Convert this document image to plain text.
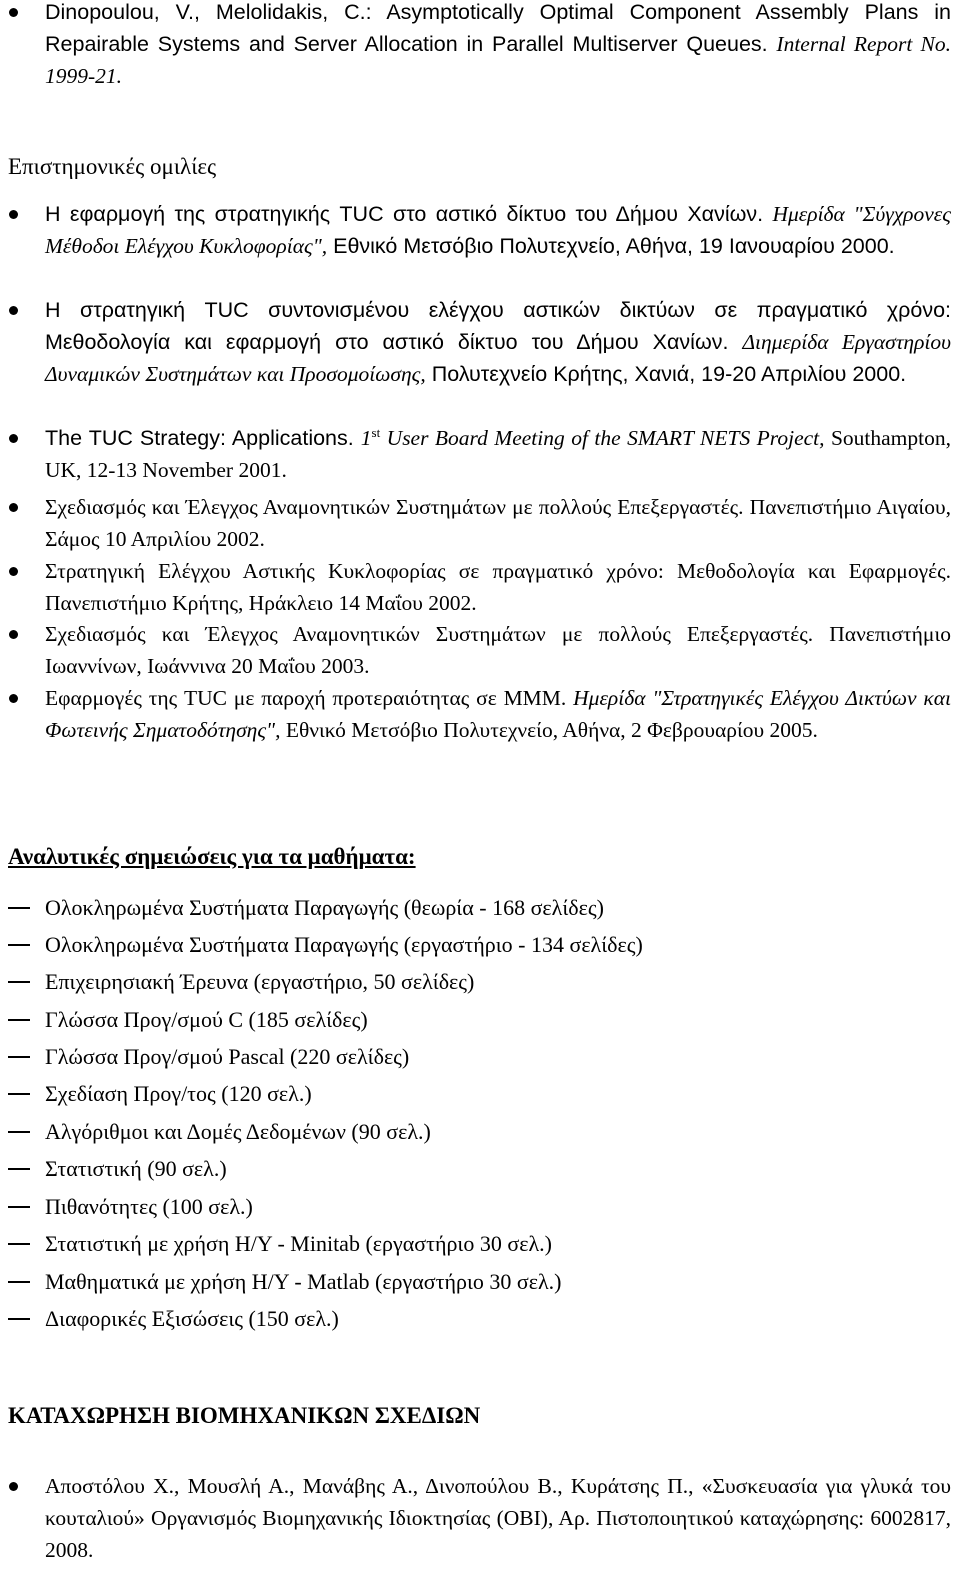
Dinopoulou, V., Melolidakis, C.: Asymptotically Optimal Component Assembly Plans in Repairable Systems and Server Allocation in Parallel Multiserver Queues. Internal Report No. 1999-21.
Επιστημονικές ομιλίες
Η εφαρμογή της στρατηγικής TUC στο αστικό δίκτυο του Δήμου Χανίων. Ημερίδα "Σύγχρονες Μέθοδοι Ελέγχου Κυκλοφορίας", Εθνικό Μετσόβιο Πολυτεχνείο, Αθήνα, 19 Ιανουαρίου 2000.
Η στρατηγική TUC συντονισμένου ελέγχου αστικών δικτύων σε πραγματικό χρόνο: Μεθοδολογία και εφαρμογή στο αστικό δίκτυο του Δήμου Χανίων. Διημερίδα Εργαστηρίου Δυναμικών Συστημάτων και Προσομοίωσης, Πολυτεχνείο Κρήτης, Χανιά, 19-20 Απριλίου 2000.
The TUC Strategy: Applications. 1st User Board Meeting of the SMART NETS Project, Southampton, UK, 12-13 November 2001.
Σχεδιασμός και Έλεγχος Αναμονητικών Συστημάτων με πολλούς Επεξεργαστές. Πανεπιστήμιο Αιγαίου, Σάμος 10 Απριλίου 2002.
Στρατηγική Ελέγχου Αστικής Κυκλοφορίας σε πραγματικό χρόνο: Μεθοδολογία και Εφαρμογές. Πανεπιστήμιο Κρήτης, Ηράκλειο 14 Μαΐου 2002.
Σχεδιασμός και Έλεγχος Αναμονητικών Συστημάτων με πολλούς Επεξεργαστές. Πανεπιστήμιο Ιωαννίνων, Ιωάννινα 20 Μαΐου 2003.
Εφαρμογές της TUC με παροχή προτεραιότητας σε MMM. Ημερίδα "Στρατηγικές Ελέγχου Δικτύων και Φωτεινής Σηματοδότησης", Εθνικό Μετσόβιο Πολυτεχνείο, Αθήνα, 2 Φεβρουαρίου 2005.
Αναλυτικές σημειώσεις για τα μαθήματα:
Ολοκληρωμένα Συστήματα Παραγωγής (θεωρία - 168 σελίδες)
Ολοκληρωμένα Συστήματα Παραγωγής (εργαστήριο - 134 σελίδες)
Επιχειρησιακή Έρευνα (εργαστήριο, 50 σελίδες)
Γλώσσα Προγ/σμού C (185 σελίδες)
Γλώσσα Προγ/σμού Pascal (220 σελίδες)
Σχεδίαση Προγ/τος (120 σελ.)
Αλγόριθμοι και Δομές Δεδομένων (90 σελ.)
Στατιστική (90 σελ.)
Πιθανότητες (100 σελ.)
Στατιστική με χρήση Η/Υ - Minitab (εργαστήριο 30 σελ.)
Μαθηματικά με χρήση Η/Υ - Matlab (εργαστήριο 30 σελ.)
Διαφορικές Εξισώσεις (150 σελ.)
ΚΑΤΑΧΩΡΗΣΗ ΒΙΟΜΗΧΑΝΙΚΩΝ ΣΧΕΔΙΩΝ
Αποστόλου Χ., Μουσλή Α., Μανάβης Α., Δινοπούλου Β., Κυράτσης Π., «Συσκευασία για γλυκά του κουταλιού» Οργανισμός Βιομηχανικής Ιδιοκτησίας (ΟΒΙ), Αρ. Πιστοποιητικού καταχώρησης: 6002817, 2008.
